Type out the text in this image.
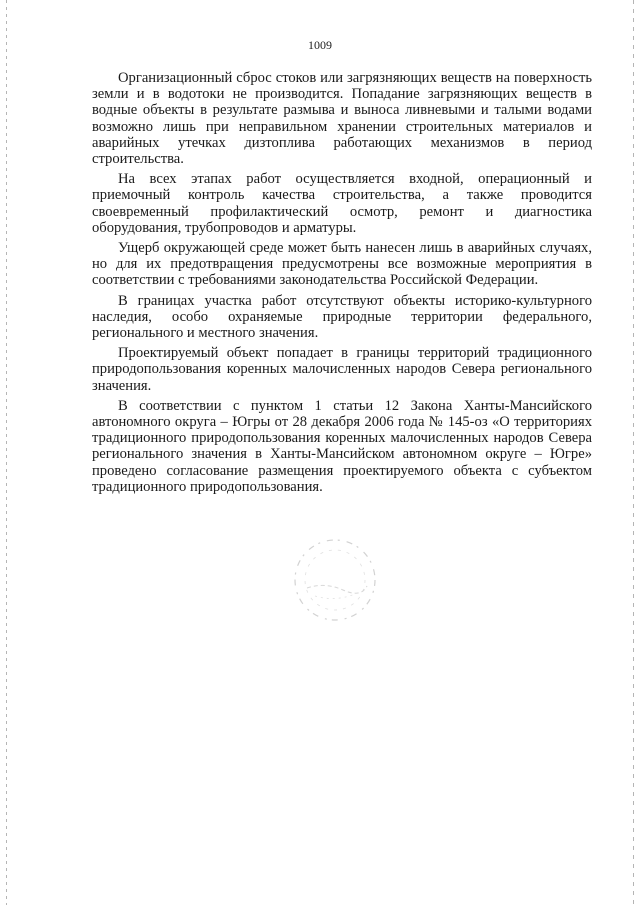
1009

Организационный сброс стоков или загрязняющих веществ на поверхность земли и в водотоки не производится. Попадание загрязняющих веществ в водные объекты в результате размыва и выноса ливневыми и талыми водами возможно лишь при неправильном хранении строительных материалов и аварийных утечках дизтоплива работающих механизмов в период строительства.

На всех этапах работ осуществляется входной, операционный и приемочный контроль качества строительства, а также проводится своевременный профилактический осмотр, ремонт и диагностика оборудования, трубопроводов и арматуры.

Ущерб окружающей среде может быть нанесен лишь в аварийных случаях, но для их предотвращения предусмотрены все возможные мероприятия в соответствии с требованиями законодательства Российской Федерации.

В границах участка работ отсутствуют объекты историко-культурного наследия, особо охраняемые природные территории федерального, регионального и местного значения.

Проектируемый объект попадает в границы территорий традиционного природопользования коренных малочисленных народов Севера регионального значения.

В соответствии с пунктом 1 статьи 12 Закона Ханты-Мансийского автономного округа – Югры от 28 декабря 2006 года № 145-оз «О территориях традиционного природопользования коренных малочисленных народов Севера регионального значения в Ханты-Мансийском автономном округе – Югре» проведено согласование размещения проектируемого объекта с субъектом традиционного природопользования.
